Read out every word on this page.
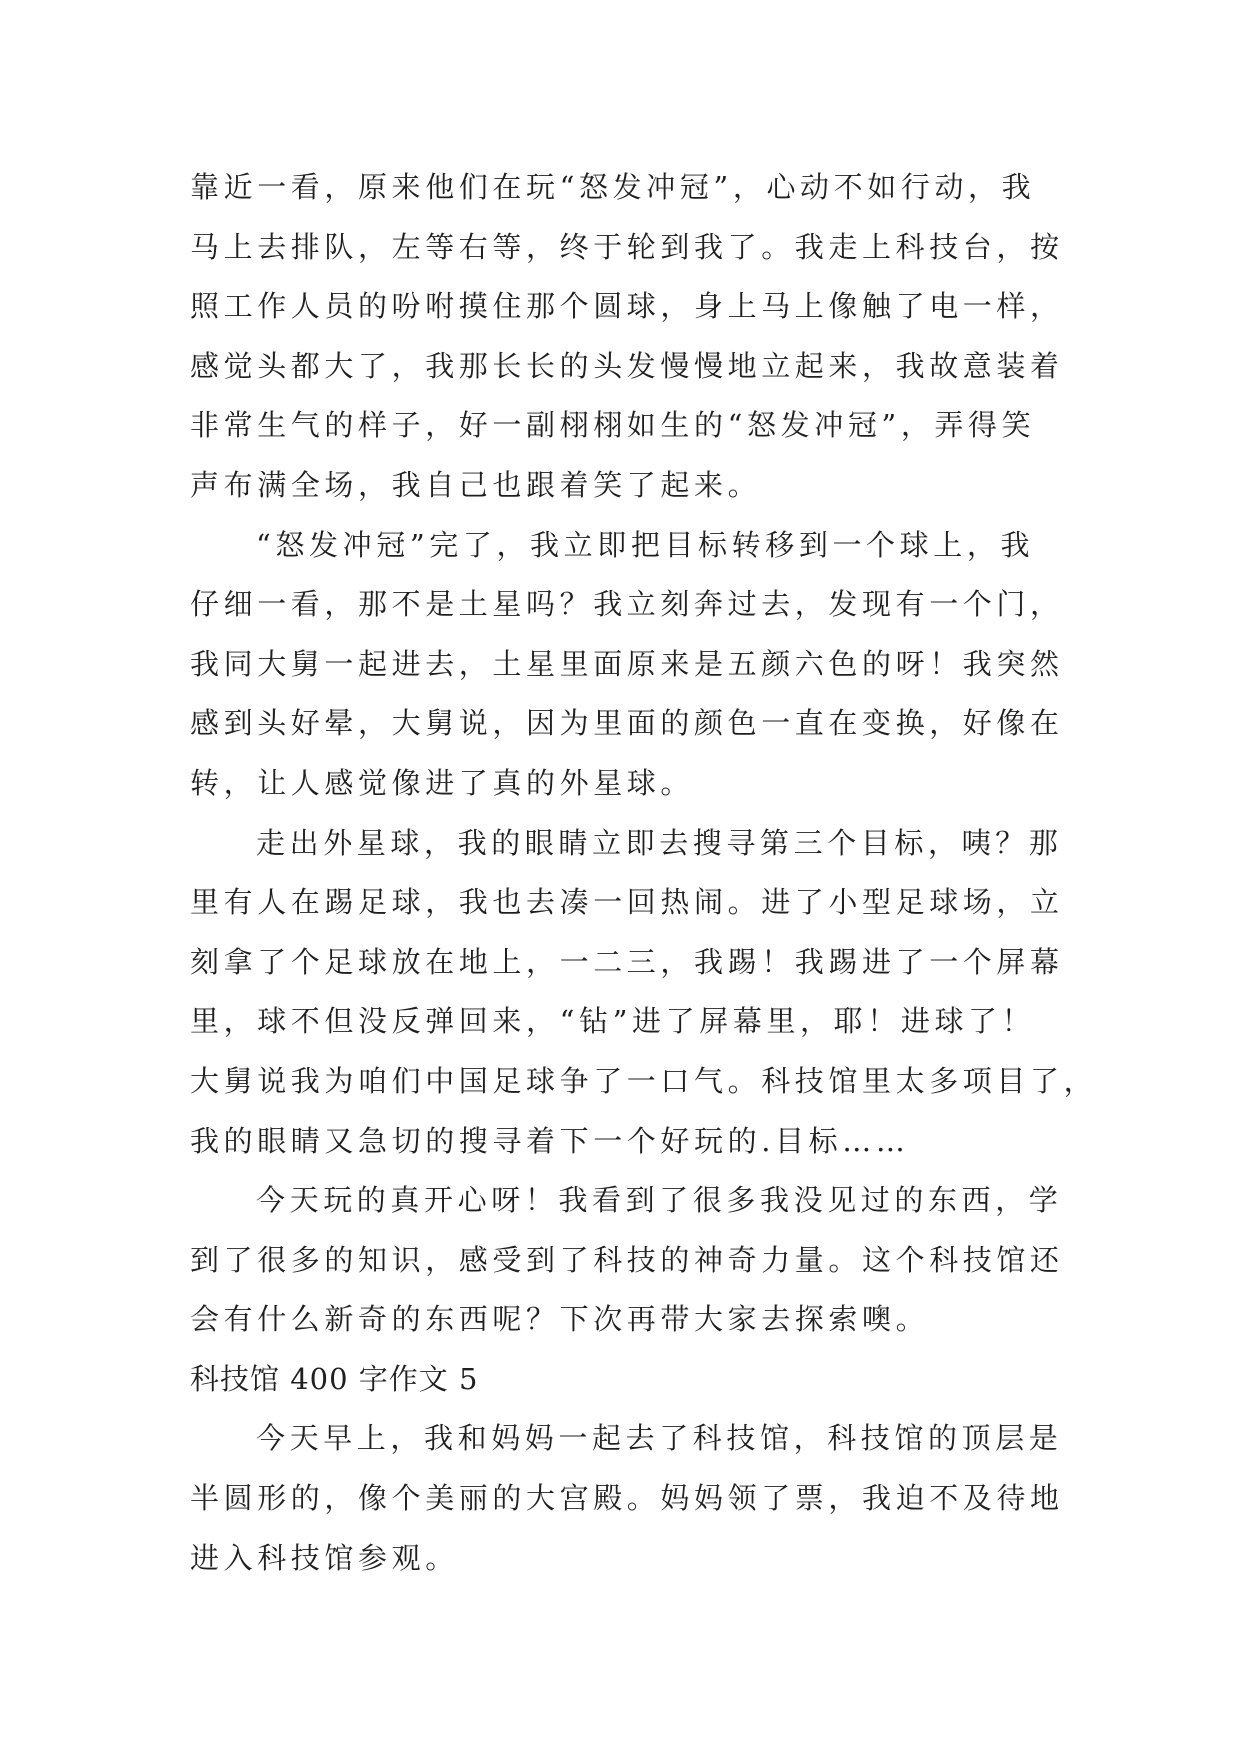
靠近一看，原来他们在玩“怒发冲冠”，心动不如行动，我
马上去排队，左等右等，终于轮到我了。我走上科技台，按
照工作人员的吩咐摸住那个圆球，身上马上像触了电一样，
感觉头都大了，我那长长的头发慢慢地立起来，我故意装着
非常生气的样子，好一副栩栩如生的“怒发冲冠”，弄得笑
声布满全场，我自己也跟着笑了起来。
“怒发冲冠”完了，我立即把目标转移到一个球上，我
仔细一看，那不是土星吗？我立刻奔过去，发现有一个门，
我同大舅一起进去，土星里面原来是五颜六色的呀！我突然
感到头好晕，大舅说，因为里面的颜色一直在变换，好像在
转，让人感觉像进了真的外星球。
走出外星球，我的眼睛立即去搜寻第三个目标，咦？那
里有人在踢足球，我也去凑一回热闹。进了小型足球场，立
刻拿了个足球放在地上，一二三，我踢！我踢进了一个屏幕
里，球不但没反弹回来，“钻”进了屏幕里，耶！进球了！
大舅说我为咱们中国足球争了一口气。科技馆里太多项目了，
我的眼睛又急切的搜寻着下一个好玩的.目标……
今天玩的真开心呀！我看到了很多我没见过的东西，学
到了很多的知识，感受到了科技的神奇力量。这个科技馆还
会有什么新奇的东西呢？下次再带大家去探索噢。
科技馆 400 字作文 5
今天早上，我和妈妈一起去了科技馆，科技馆的顶层是
半圆形的，像个美丽的大宫殿。妈妈领了票，我迫不及待地
进入科技馆参观。
